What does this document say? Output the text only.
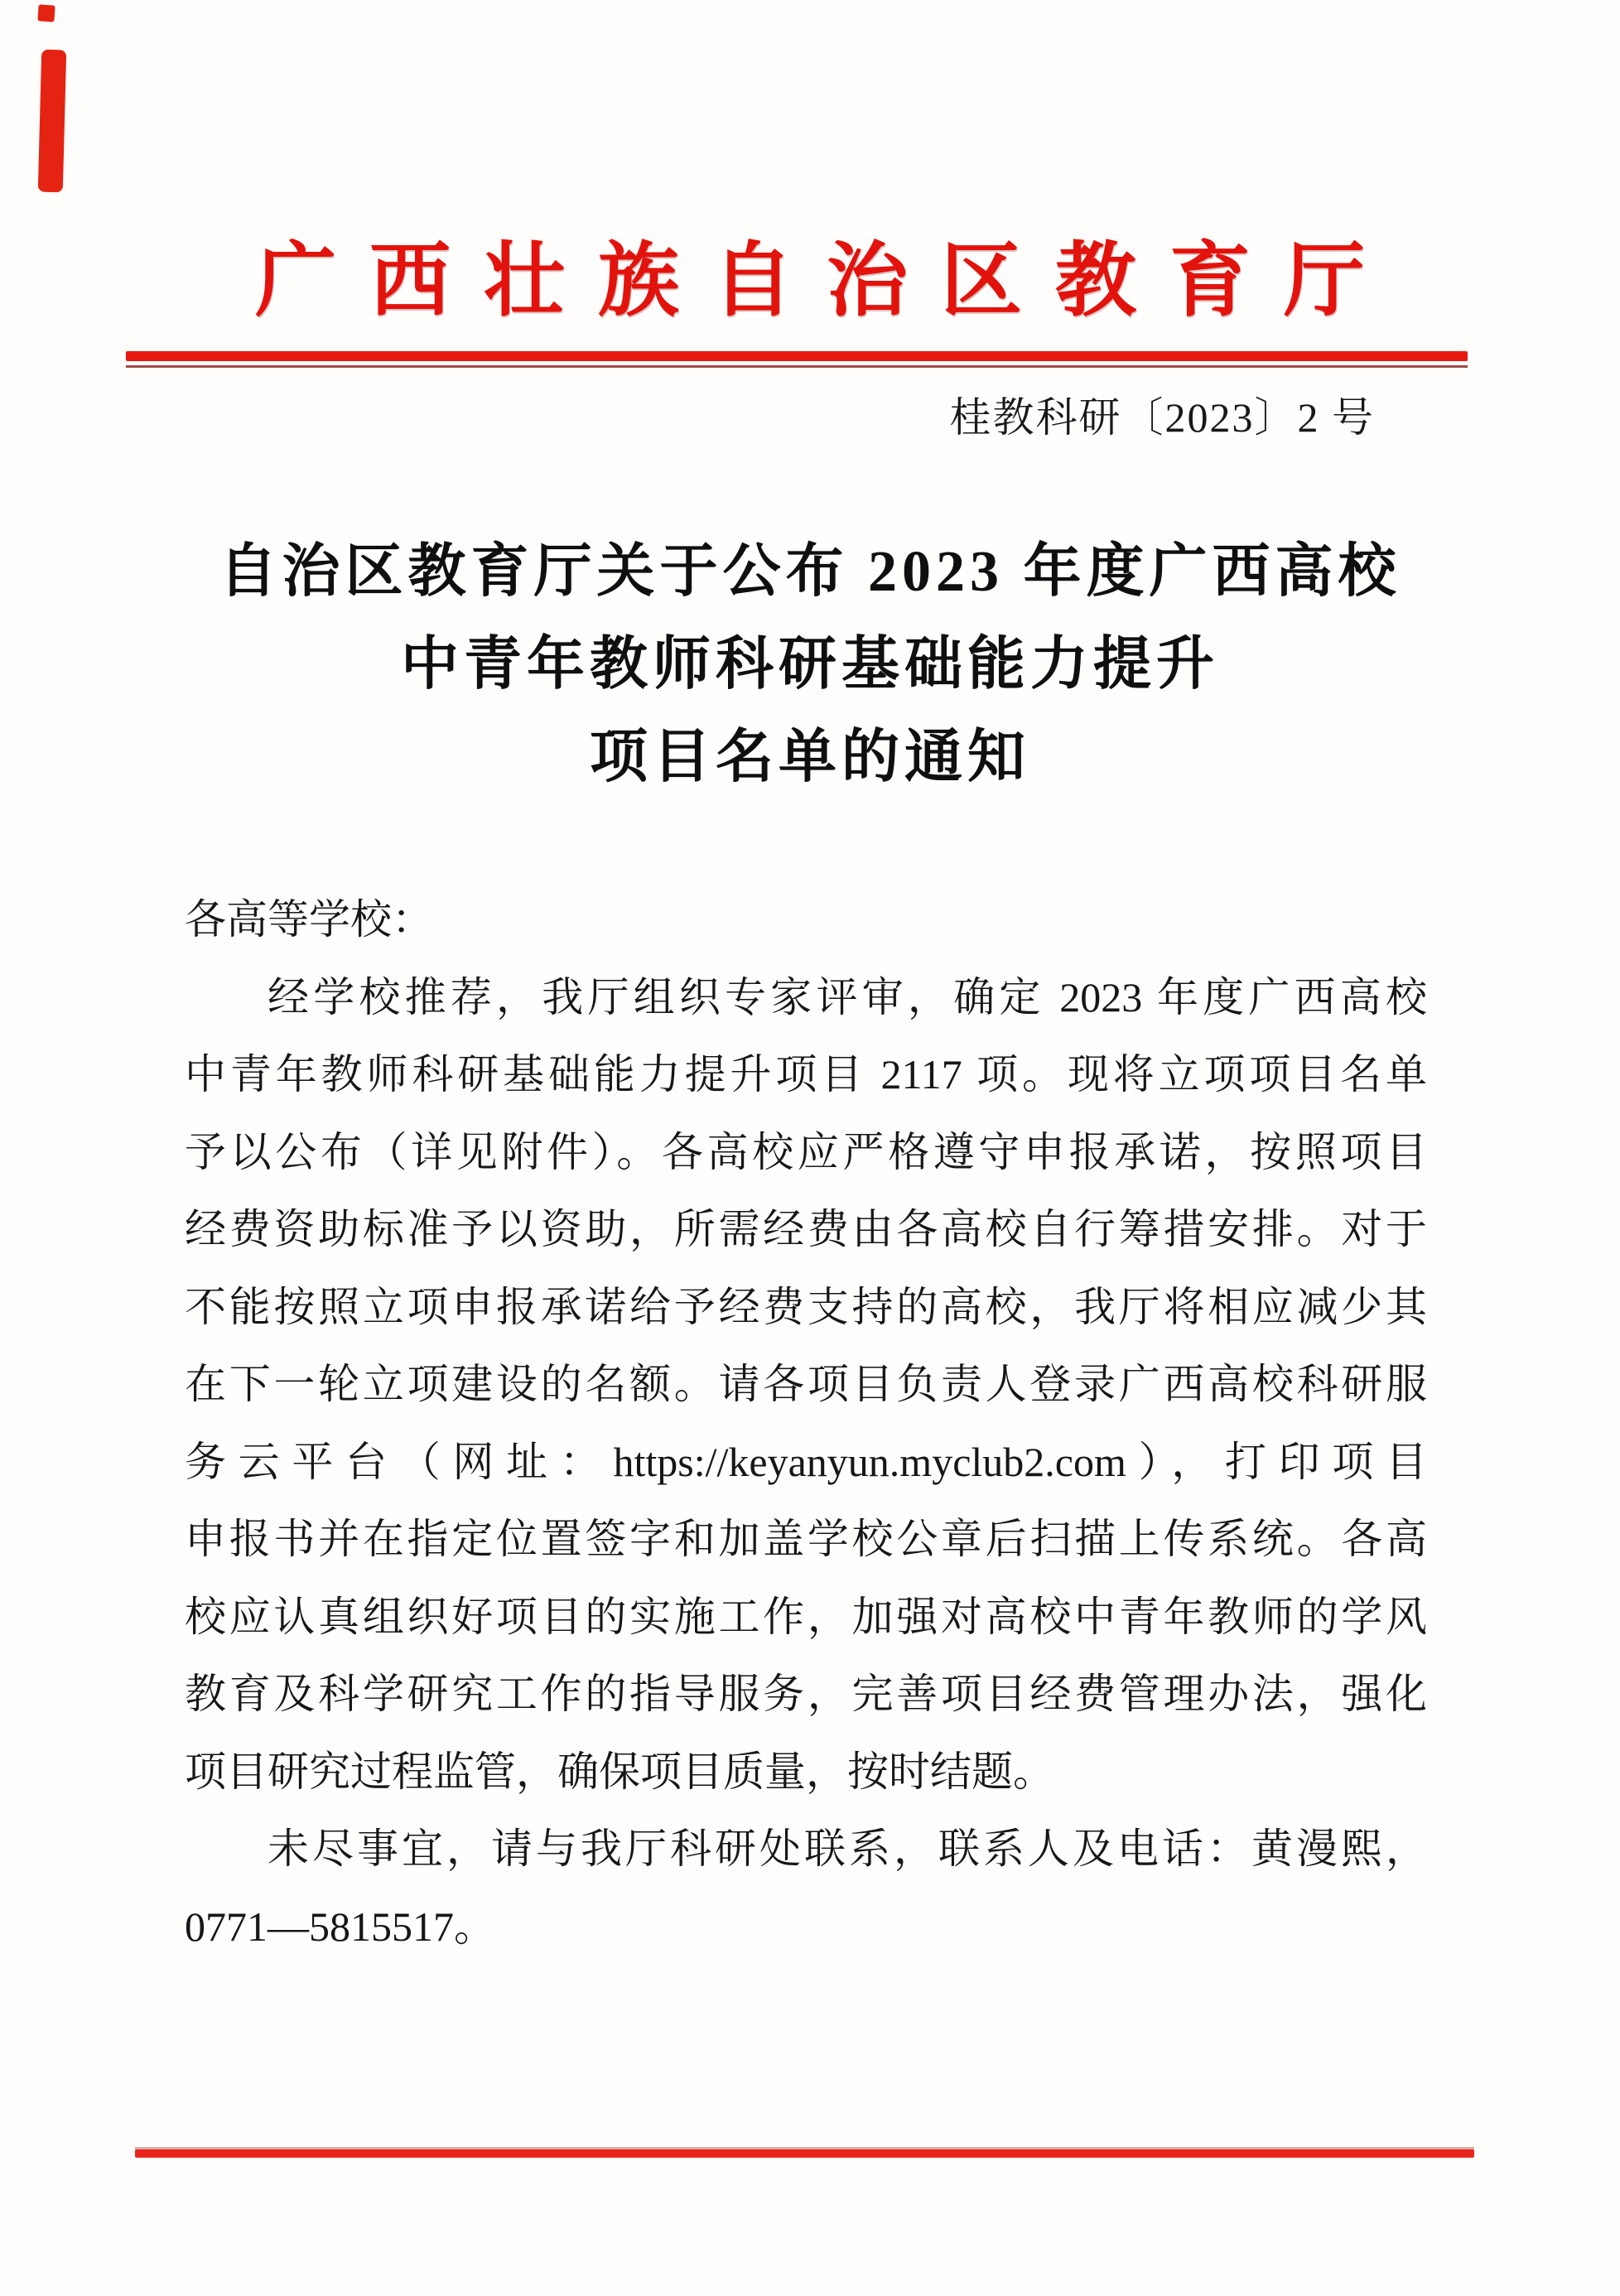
广西壮族自治区教育厅
桂教科研〔2023〕2 号
自治区教育厅关于公布 2023 年度广西高校
中青年教师科研基础能力提升
项目名单的通知
各高等学校：
经学校推荐，我厅组织专家评审，确定 2023 年度广西高校
中青年教师科研基础能力提升项目 2117 项。现将立项项目名单
予以公布（详见附件）。各高校应严格遵守申报承诺，按照项目
经费资助标准予以资助，所需经费由各高校自行筹措安排。对于
不能按照立项申报承诺给予经费支持的高校，我厅将相应减少其
在下一轮立项建设的名额。请各项目负责人登录广西高校科研服
务云平台（网址：https://keyanyun.myclub2.com），打印项目
申报书并在指定位置签字和加盖学校公章后扫描上传系统。各高
校应认真组织好项目的实施工作，加强对高校中青年教师的学风
教育及科学研究工作的指导服务，完善项目经费管理办法，强化
项目研究过程监管，确保项目质量，按时结题。
未尽事宜，请与我厅科研处联系，联系人及电话：黄漫熙，
0771—5815517。
